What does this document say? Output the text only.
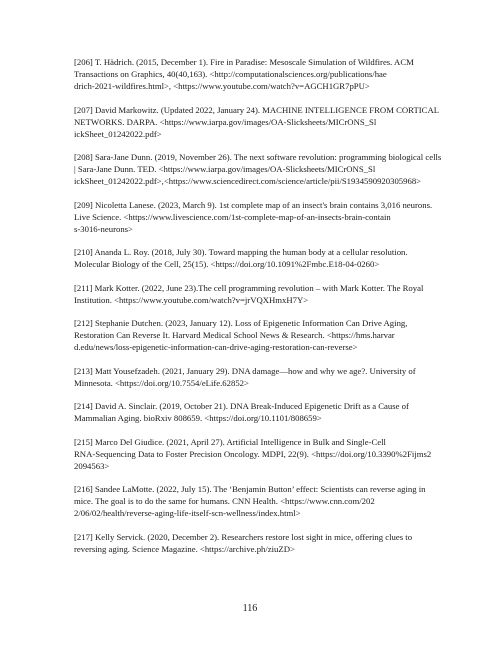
[206] T. Hädrich. (2015, December 1). Fire in Paradise: Mesoscale Simulation of Wildfires. ACM
Transactions on Graphics, 40(40,163). <http://computationalsciences.org/publications/hae
drich-2021-wildfires.html>, <https://www.youtube.com/watch?v=AGCH1GR7pPU>

[207] David Markowitz. (Updated 2022, January 24). MACHINE INTELLIGENCE FROM CORTICAL
NETWORKS. DARPA. <https://www.iarpa.gov/images/OA-Slicksheets/MICrONS_Sl
ickSheet_01242022.pdf>

[208] Sara-Jane Dunn. (2019, November 26). The next software revolution: programming biological cells
| Sara-Jane Dunn. TED. <https://www.iarpa.gov/images/OA-Slicksheets/MICrONS_Sl
ickSheet_01242022.pdf>,<https://www.sciencedirect.com/science/article/pii/S1934590920305968>

[209] Nicoletta Lanese. (2023, March 9). 1st complete map of an insect's brain contains 3,016 neurons.
Live Science. <https://www.livescience.com/1st-complete-map-of-an-insects-brain-contain
s-3016-neurons>

[210] Ananda L. Roy. (2018, July 30). Toward mapping the human body at a cellular resolution.
Molecular Biology of the Cell, 25(15). <https://doi.org/10.1091%2Fmbc.E18-04-0260>

[211] Mark Kotter. (2022, June 23).The cell programming revolution – with Mark Kotter. The Royal
Institution. <https://www.youtube.com/watch?v=jrVQXHmxH7Y>

[212] Stephanie Dutchen. (2023, January 12). Loss of Epigenetic Information Can Drive Aging,
Restoration Can Reverse It. Harvard Medical School News & Research. <https://hms.harvar
d.edu/news/loss-epigenetic-information-can-drive-aging-restoration-can-reverse>

[213] Matt Yousefzadeh. (2021, January 29). DNA damage—how and why we age?. University of
Minnesota. <https://doi.org/10.7554/eLife.62852>

[214] David A. Sinclair. (2019, October 21). DNA Break-Induced Epigenetic Drift as a Cause of
Mammalian Aging. bioRxiv 808659. <https://doi.org/10.1101/808659>

[215] Marco Del Giudice. (2021, April 27). Artificial Intelligence in Bulk and Single-Cell
RNA-Sequencing Data to Foster Precision Oncology. MDPI, 22(9). <https://doi.org/10.3390%2Fijms2
2094563>

[216] Sandee LaMotte. (2022, July 15). The ‘Benjamin Button’ effect: Scientists can reverse aging in
mice. The goal is to do the same for humans. CNN Health. <https://www.cnn.com/202
2/06/02/health/reverse-aging-life-itself-scn-wellness/index.html>

[217] Kelly Servick. (2020, December 2). Researchers restore lost sight in mice, offering clues to
reversing aging. Science Magazine. <https://archive.ph/ziuZD>

116
